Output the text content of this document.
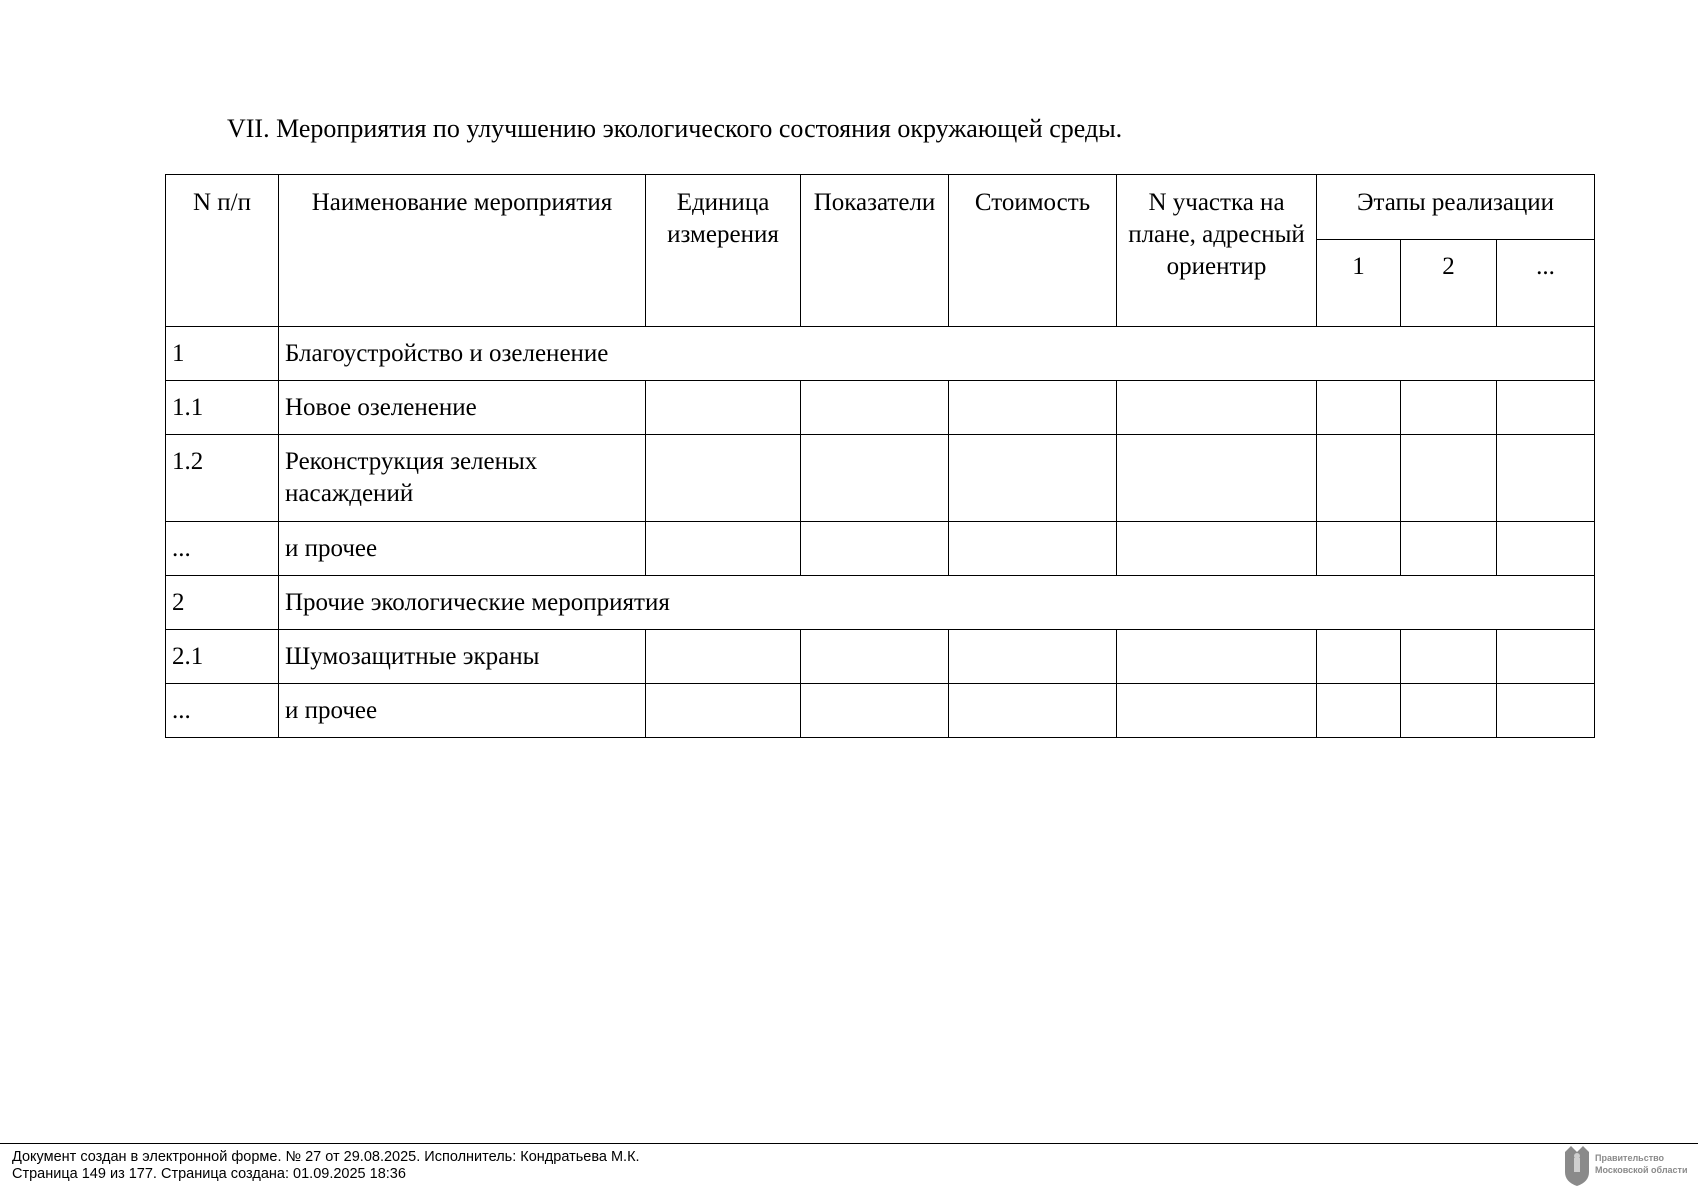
VII. Мероприятия по улучшению экологического состояния окружающей среды.
N п/п	Наименование мероприятия	Единица измерения	Показатели	Стоимость	N участка на плане, адресный ориентир	Этапы реализации		
						1	2	...
1	Благоустройство и озеленение							
1.1	Новое озеленение							
1.2	Реконструкция зеленых насаждений							
...	и прочее							
2	Прочие экологические мероприятия							
2.1	Шумозащитные экраны							
...	и прочее							
Документ создан в электронной форме. № 27 от 29.08.2025. Исполнитель: Кондратьева М.К.
Страница 149 из 177. Страница создана: 01.09.2025 18:36
Правительство
Московской области
